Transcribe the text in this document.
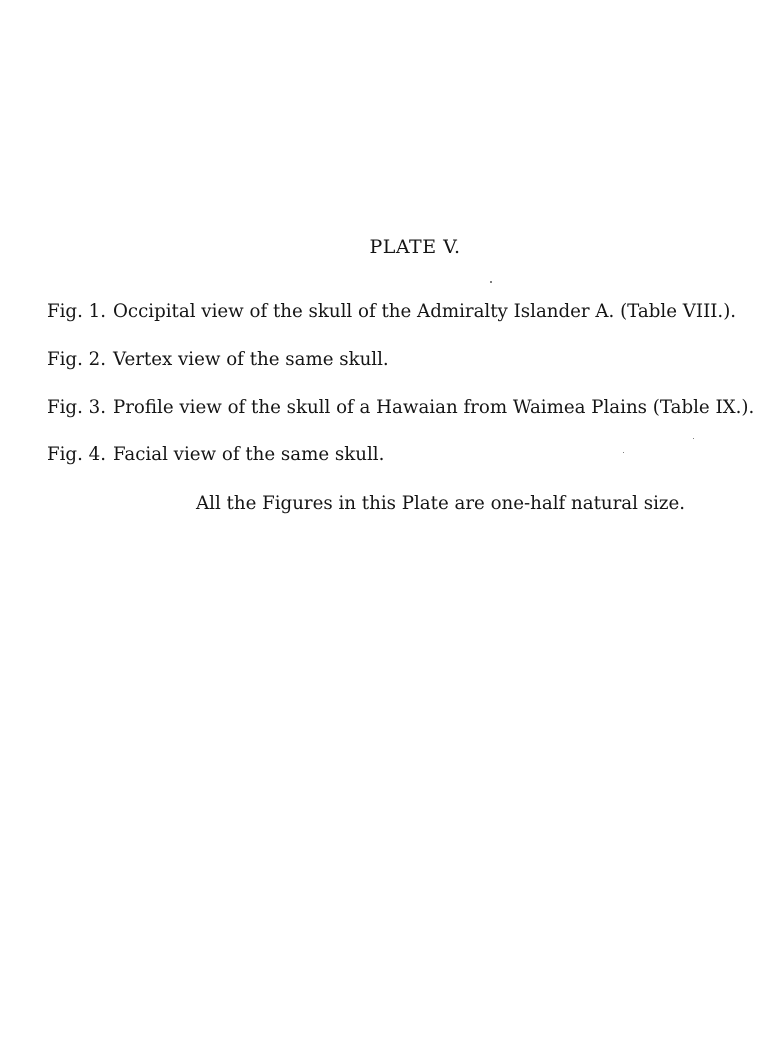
PLATE V.
Fig. 1. Occipital view of the skull of the Admiralty Islander A. (Table VIII.).
Fig. 2. Vertex view of the same skull.
Fig. 3. Profile view of the skull of a Hawaian from Waimea Plains (Table IX.).
Fig. 4. Facial view of the same skull.
All the Figures in this Plate are one-half natural size.
